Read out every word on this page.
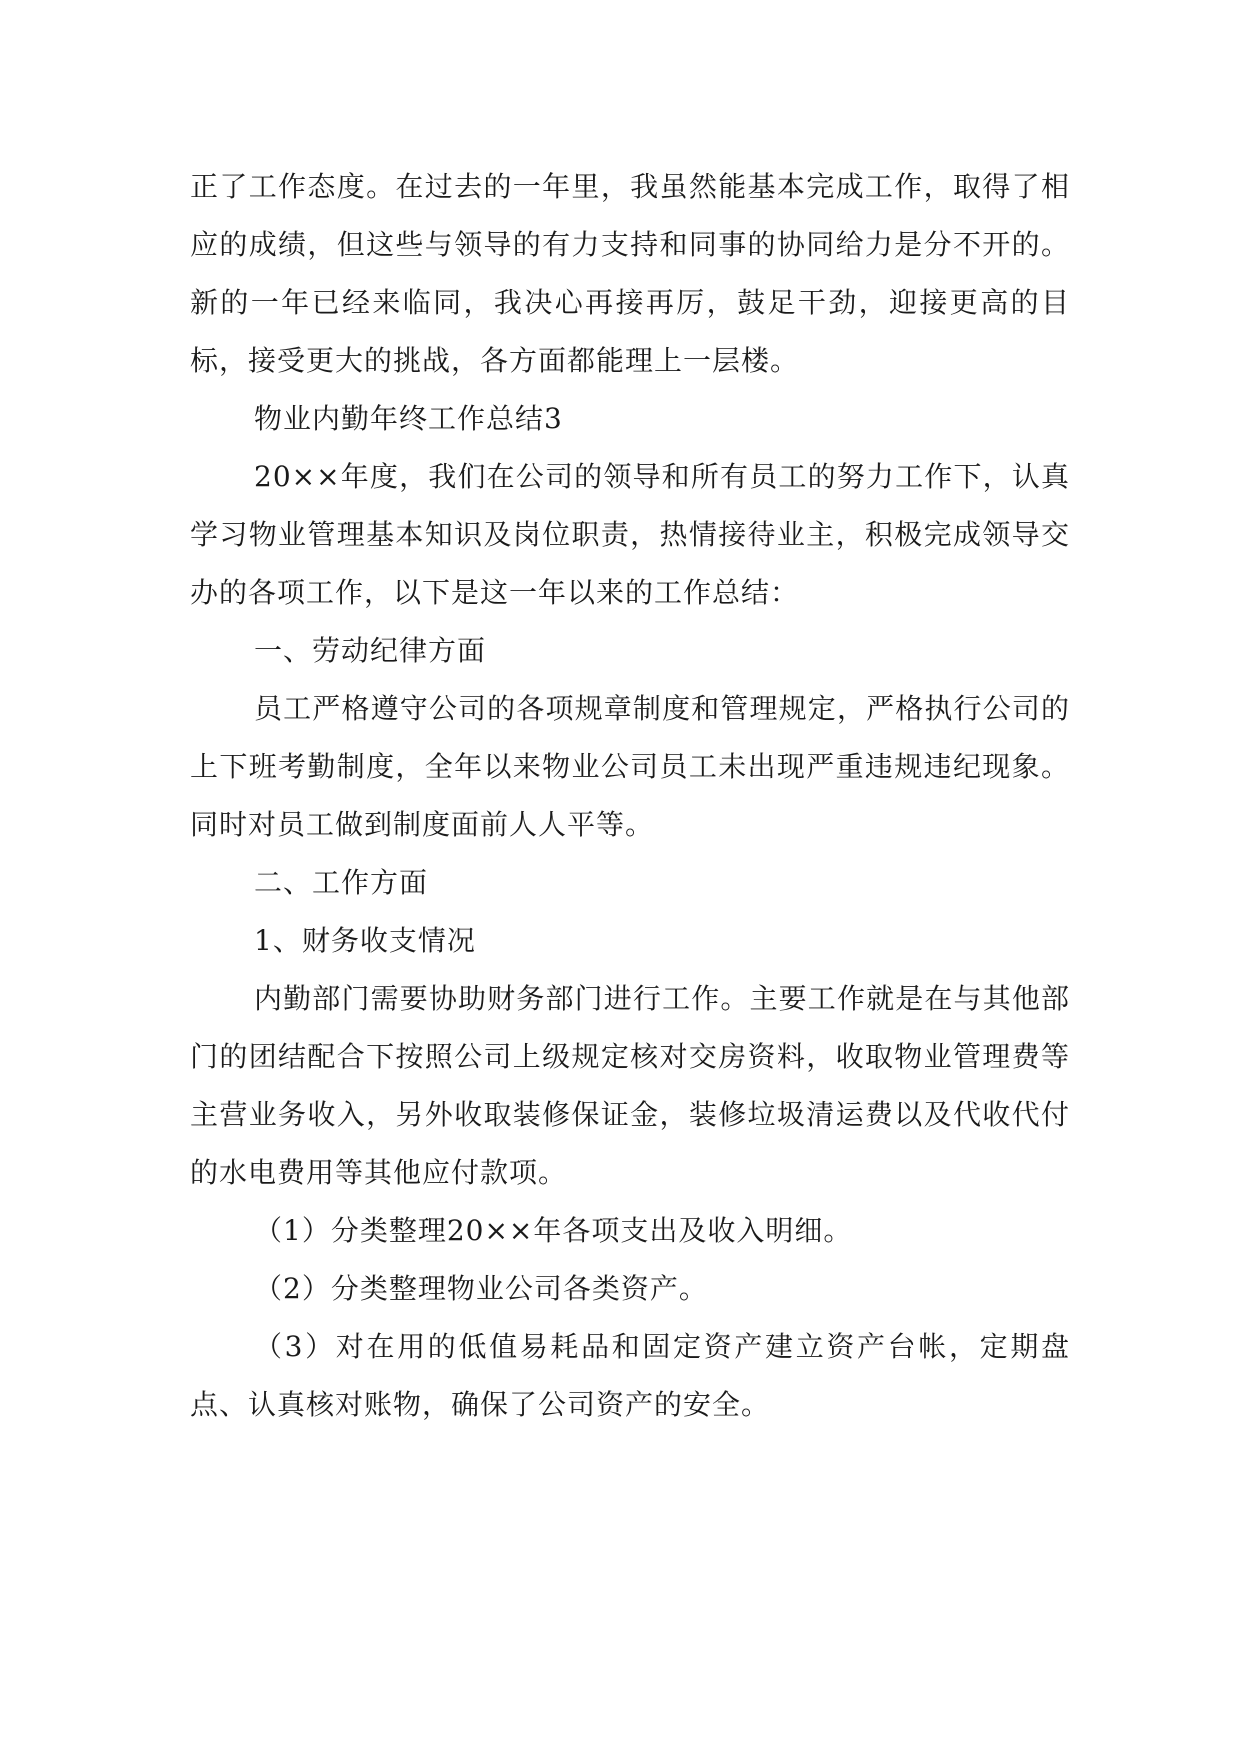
正了工作态度。在过去的一年里，我虽然能基本完成工作，取得了相应的成绩，但这些与领导的有力支持和同事的协同给力是分不开的。新的一年已经来临同，我决心再接再厉，鼓足干劲，迎接更高的目标，接受更大的挑战，各方面都能理上一层楼。

物业内勤年终工作总结3

20××年度，我们在公司的领导和所有员工的努力工作下，认真学习物业管理基本知识及岗位职责，热情接待业主，积极完成领导交办的各项工作，以下是这一年以来的工作总结：

一、劳动纪律方面

员工严格遵守公司的各项规章制度和管理规定，严格执行公司的上下班考勤制度，全年以来物业公司员工未出现严重违规违纪现象。同时对员工做到制度面前人人平等。

二、工作方面

1、财务收支情况

内勤部门需要协助财务部门进行工作。主要工作就是在与其他部门的团结配合下按照公司上级规定核对交房资料，收取物业管理费等主营业务收入，另外收取装修保证金，装修垃圾清运费以及代收代付的水电费用等其他应付款项。

（1）分类整理20××年各项支出及收入明细。

（2）分类整理物业公司各类资产。

（3）对在用的低值易耗品和固定资产建立资产台帐，定期盘点、认真核对账物，确保了公司资产的安全。
